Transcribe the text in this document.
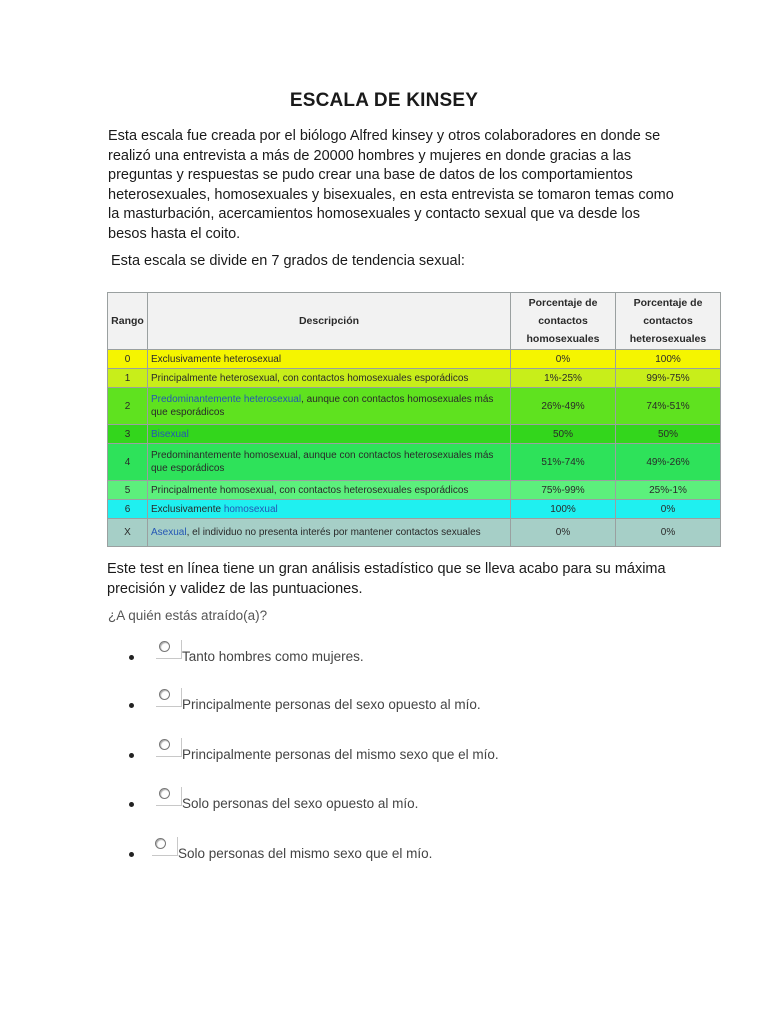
ESCALA DE KINSEY

Esta escala fue creada por el biólogo Alfred kinsey y otros colaboradores en donde se realizó una entrevista a más de 20000 hombres y mujeres en donde gracias a las preguntas y respuestas se pudo crear una base de datos de los comportamientos heterosexuales, homosexuales y bisexuales, en esta entrevista se tomaron temas como la masturbación, acercamientos homosexuales y contacto sexual que va desde los besos hasta el coito.

Esta escala se divide en 7 grados de tendencia sexual:

Rango	Descripción	Porcentaje de contactos homosexuales	Porcentaje de contactos heterosexuales
0	Exclusivamente heterosexual	0%	100%
1	Principalmente heterosexual, con contactos homosexuales esporádicos	1%-25%	99%-75%
2	Predominantemente heterosexual, aunque con contactos homosexuales más que esporádicos	26%-49%	74%-51%
3	Bisexual	50%	50%
4	Predominantemente homosexual, aunque con contactos heterosexuales más que esporádicos	51%-74%	49%-26%
5	Principalmente homosexual, con contactos heterosexuales esporádicos	75%-99%	25%-1%
6	Exclusivamente homosexual	100%	0%
X	Asexual, el individuo no presenta interés por mantener contactos sexuales	0%	0%

Este test en línea tiene un gran análisis estadístico que se lleva acabo para su máxima precisión y validez de las puntuaciones.

¿A quién estás atraído(a)?
Tanto hombres como mujeres.
Principalmente personas del sexo opuesto al mío.
Principalmente personas del mismo sexo que el mío.
Solo personas del sexo opuesto al mío.
Solo personas del mismo sexo que el mío.
